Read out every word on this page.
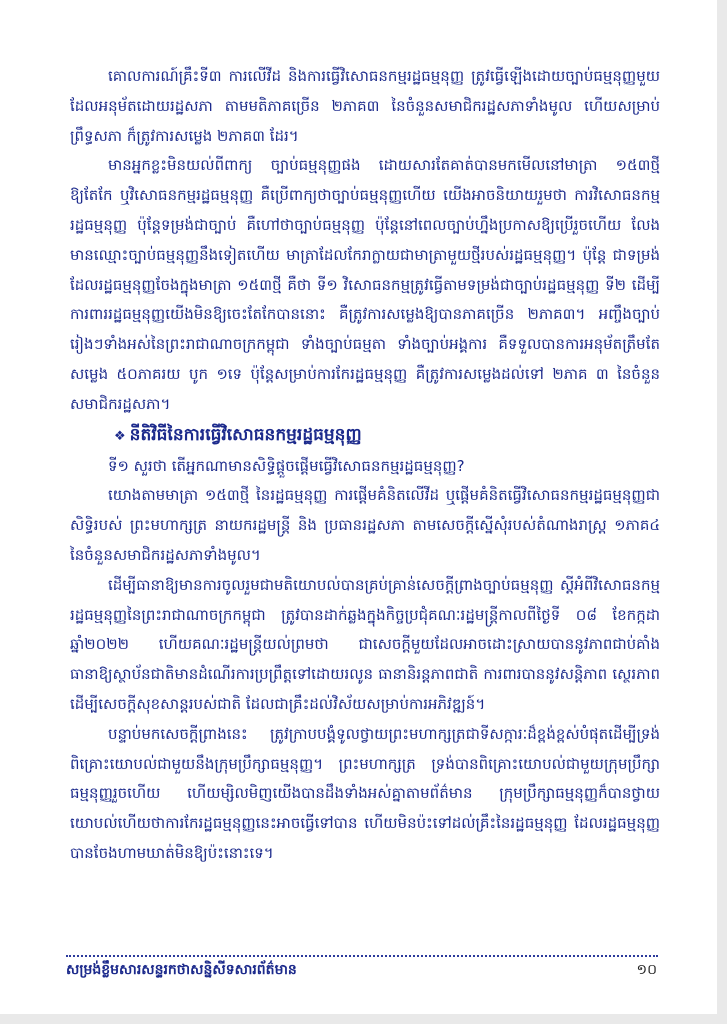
គោលការណ៍គ្រឹះទី៣ ការលើវីដ និងការធ្វើវិសោធនកម្មរដ្ឋធម្មនុញ្ញ ត្រូវធ្វើឡើងដោយច្បាប់ធម្មនុញ្ញមួយដែលអនុម័តដោយរដ្ឋសភា តាមមតិភាគច្រើន ២ភាគ៣ នៃចំនួនសមាជិករដ្ឋសភាទាំងមូល ហើយសម្រាប់ព្រឹទ្ធសភា ក៏ត្រូវការសម្លេង ២ភាគ៣ ដែរ។

មានអ្នកខ្លះមិនយល់ពីពាក្យ ច្បាប់ធម្មនុញ្ញផង ដោយសារតែគាត់បានមកមើលនៅមាត្រា ១៥៣ថ្មី ឱ្យតែកែ ឬវិសោធនកម្មរដ្ឋធម្មនុញ្ញ គឺប្រើពាក្យថាច្បាប់ធម្មនុញ្ញហើយ យើងអាចនិយាយរួមថា ការវិសោធនកម្មរដ្ឋធម្មនុញ្ញ ប៉ុន្តែទម្រង់ជាច្បាប់ គឺហៅថាច្បាប់ធម្មនុញ្ញ ប៉ុន្តែនៅពេលច្បាប់ហ្នឹងប្រកាសឱ្យប្រើរួចហើយ លែងមានឈ្មោះច្បាប់ធម្មនុញ្ញនឹងទៀតហើយ មាត្រាដែលកែរាក្លាយជាមាត្រាមួយថ្មីរបស់រដ្ឋធម្មនុញ្ញ។ ប៉ុន្តែ ជាទម្រង់ដែលរដ្ឋធម្មនុញ្ញចែងក្នុងមាត្រា ១៥៣ថ្មី គឺថា ទី១ វិសោធនកម្មត្រូវធ្វើតាមទម្រង់ជាច្បាប់រដ្ឋធម្មនុញ្ញ ទី២ ដើម្បីការពាររដ្ឋធម្មនុញ្ញយើងមិនឱ្យចេះតែកែបាននោះ គឺត្រូវការសម្លេងឱ្យបានភាគច្រើន ២ភាគ៣។ អញ្ចឹងច្បាប់រៀងៗទាំងអស់នៃព្រះរាជាណាចក្រកម្ពុជា ទាំងច្បាប់ធម្មតា ទាំងច្បាប់អង្គការ គឺទទួលបានការអនុម័តត្រឹមតែសម្លេង ៥០ភាគរយ បូក ១ទេ ប៉ុន្តែសម្រាប់ការកែរដ្ឋធម្មនុញ្ញ គឺត្រូវការសម្លេងដល់ទៅ ២ភាគ ៣ នៃចំនួនសមាជិករដ្ឋសភា។

❖ នីតិវិធីនៃការធ្វើវិសោធនកម្មរដ្ឋធម្មនុញ្ញ

ទី១ សួរថា តើអ្នកណាមានសិទ្ធិផ្តួចផ្តើមធ្វើវិសោធនកម្មរដ្ឋធម្មនុញ្ញ?

យោងតាមមាត្រា ១៥៣ថ្មី នៃរដ្ឋធម្មនុញ្ញ ការផ្តើមគំនិតលើវីដ ឬផ្តើមគំនិតធ្វើវិសោធនកម្មរដ្ឋធម្មនុញ្ញជាសិទ្ធិរបស់ ព្រះមហាក្សត្រ នាយករដ្ឋមន្ត្រី និង ប្រធានរដ្ឋសភា តាមសេចក្តីស្នើសុំរបស់តំណាងរាស្ត្រ ១ភាគ៤ នៃចំនួនសមាជិករដ្ឋសភាទាំងមូល។

ដើម្បីធានាឱ្យមានការចូលរួមជាមតិយោបល់បានគ្រប់គ្រាន់សេចក្តីព្រាងច្បាប់ធម្មនុញ្ញ ស្តីអំពីវិសោធនកម្មរដ្ឋធម្មនុញ្ញនៃព្រះរាជាណាចក្រកម្ពុជា ត្រូវបានដាក់ឆ្លងក្នុងកិច្ចប្រជុំគណៈរដ្ឋមន្ត្រីកាលពីថ្ងៃទី ០៨ ខែកក្កដា ឆ្នាំ២០២២ ហើយគណៈរដ្ឋមន្ត្រីយល់ព្រមថា ជាសេចក្តីមួយដែលអាចដោះស្រាយបាននូវភាពជាប់គាំង ធានាឱ្យស្ថាប័នជាតិមានដំណើរការប្រព្រឹត្តទៅដោយរលូន ធានានិរន្តភាពជាតិ ការពារបាននូវសន្តិភាព ស្ថេរភាព ដើម្បីសេចក្តីសុខសាន្តរបស់ជាតិ ដែលជាគ្រឹះដល់វិស័យសម្រាប់ការអភិវឌ្ឍន៍។

បន្ទាប់មកសេចក្តីព្រាងនេះ ត្រូវក្រាបបង្គំទូលថ្វាយព្រះមហាក្សត្រជាទីសក្ការៈដ៏ខ្ពង់ខ្ពស់បំផុតដើម្បីទ្រង់ពិគ្រោះយោបល់ជាមួយនឹងក្រុមប្រឹក្សាធម្មនុញ្ញ។ ព្រះមហាក្សត្រ ទ្រង់បានពិគ្រោះយោបល់ជាមួយក្រុមប្រឹក្សាធម្មនុញ្ញរួចហើយ ហើយម្សិលមិញយើងបានដឹងទាំងអស់គ្នាតាមព័ត៌មាន ក្រុមប្រឹក្សាធម្មនុញ្ញក៏បានថ្វាយយោបល់ហើយថាការកែរដ្ឋធម្មនុញ្ញនេះអាចធ្វើទៅបាន ហើយមិនប៉ះទៅដល់គ្រឹះនៃរដ្ឋធម្មនុញ្ញ ដែលរដ្ឋធម្មនុញ្ញបានចែងហាមឃាត់មិនឱ្យប៉ះនោះទេ។

សម្រង់ខ្លឹមសារសន្ទរកថាសន្និសីទសារព័ត៌មាន	១០
